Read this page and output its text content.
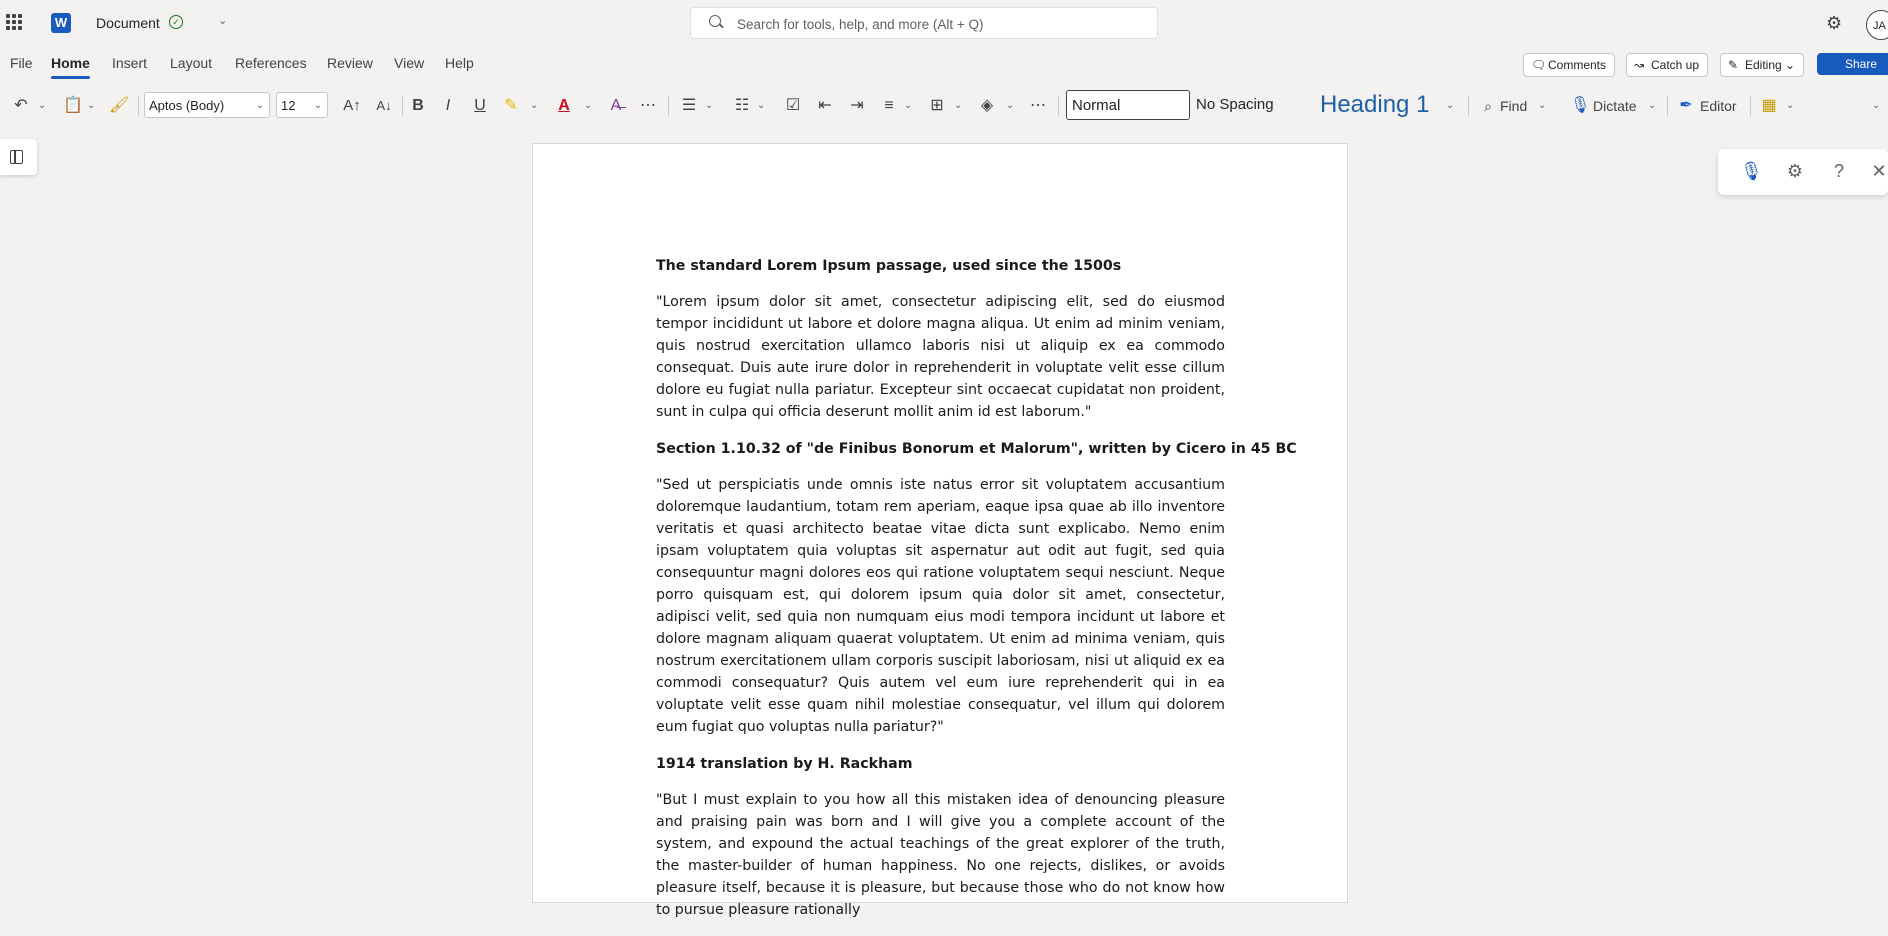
W Document	✓	⌄
Search for tools, help, and more (Alt + Q)	⚙	JA
File Home Insert Layout References Review View Help	🗨 Comments	↝ Catch up	✎ Editing ⌄	Share
↶ ⌄ 📋 ⌄ 🖌	Aptos (Body)	⌄	12 ⌄ A↑ A↓ B	I	U ✎ ⌄ A ⌄ A̶ ⋯ ☰ ⌄ ☷ ⌄ ☑ ⇤ ⇥ ≡	⌄ ⊞ ⌄ ◈ ⌄ ⋯	Normal	No Spacing	Heading 1	⌄ ⌕ Find ⌄ 🎙 Dictate ⌄ ✒ Editor ▦ ⌄	⌄
🎙 ⚙	?	✕
The standard Lorem Ipsum passage, used since the 1500s
"Lorem ipsum dolor sit amet, consectetur adipiscing elit, sed do eiusmod tempor incididunt ut labore et dolore magna aliqua. Ut enim ad minim veniam, quis nostrud exercitation ullamco laboris nisi ut aliquip ex ea commodo consequat. Duis aute irure dolor in reprehenderit in voluptate velit esse cillum dolore eu fugiat nulla pariatur. Excepteur sint occaecat cupidatat non proident, sunt in culpa qui officia deserunt mollit anim id est laborum."
Section 1.10.32 of "de Finibus Bonorum et Malorum", written by Cicero in 45 BC
"Sed ut perspiciatis unde omnis iste natus error sit voluptatem accusantium doloremque laudantium, totam rem aperiam, eaque ipsa quae ab illo inventore veritatis et quasi architecto beatae vitae dicta sunt explicabo. Nemo enim ipsam voluptatem quia voluptas sit aspernatur aut odit aut fugit, sed quia consequuntur magni dolores eos qui ratione voluptatem sequi nesciunt. Neque porro quisquam est, qui dolorem ipsum quia dolor sit amet, consectetur, adipisci velit, sed quia non numquam eius modi tempora incidunt ut labore et dolore magnam aliquam quaerat voluptatem. Ut enim ad minima veniam, quis nostrum exercitationem ullam corporis suscipit laboriosam, nisi ut aliquid ex ea commodi consequatur? Quis autem vel eum iure reprehenderit qui in ea voluptate velit esse quam nihil molestiae consequatur, vel illum qui dolorem eum fugiat quo voluptas nulla pariatur?"
1914 translation by H. Rackham
"But I must explain to you how all this mistaken idea of denouncing pleasure and praising pain was born and I will give you a complete account of the system, and expound the actual teachings of the great explorer of the truth, the master-builder of human happiness. No one rejects, dislikes, or avoids pleasure itself, because it is pleasure, but because those who do not know how to pursue pleasure rationally
